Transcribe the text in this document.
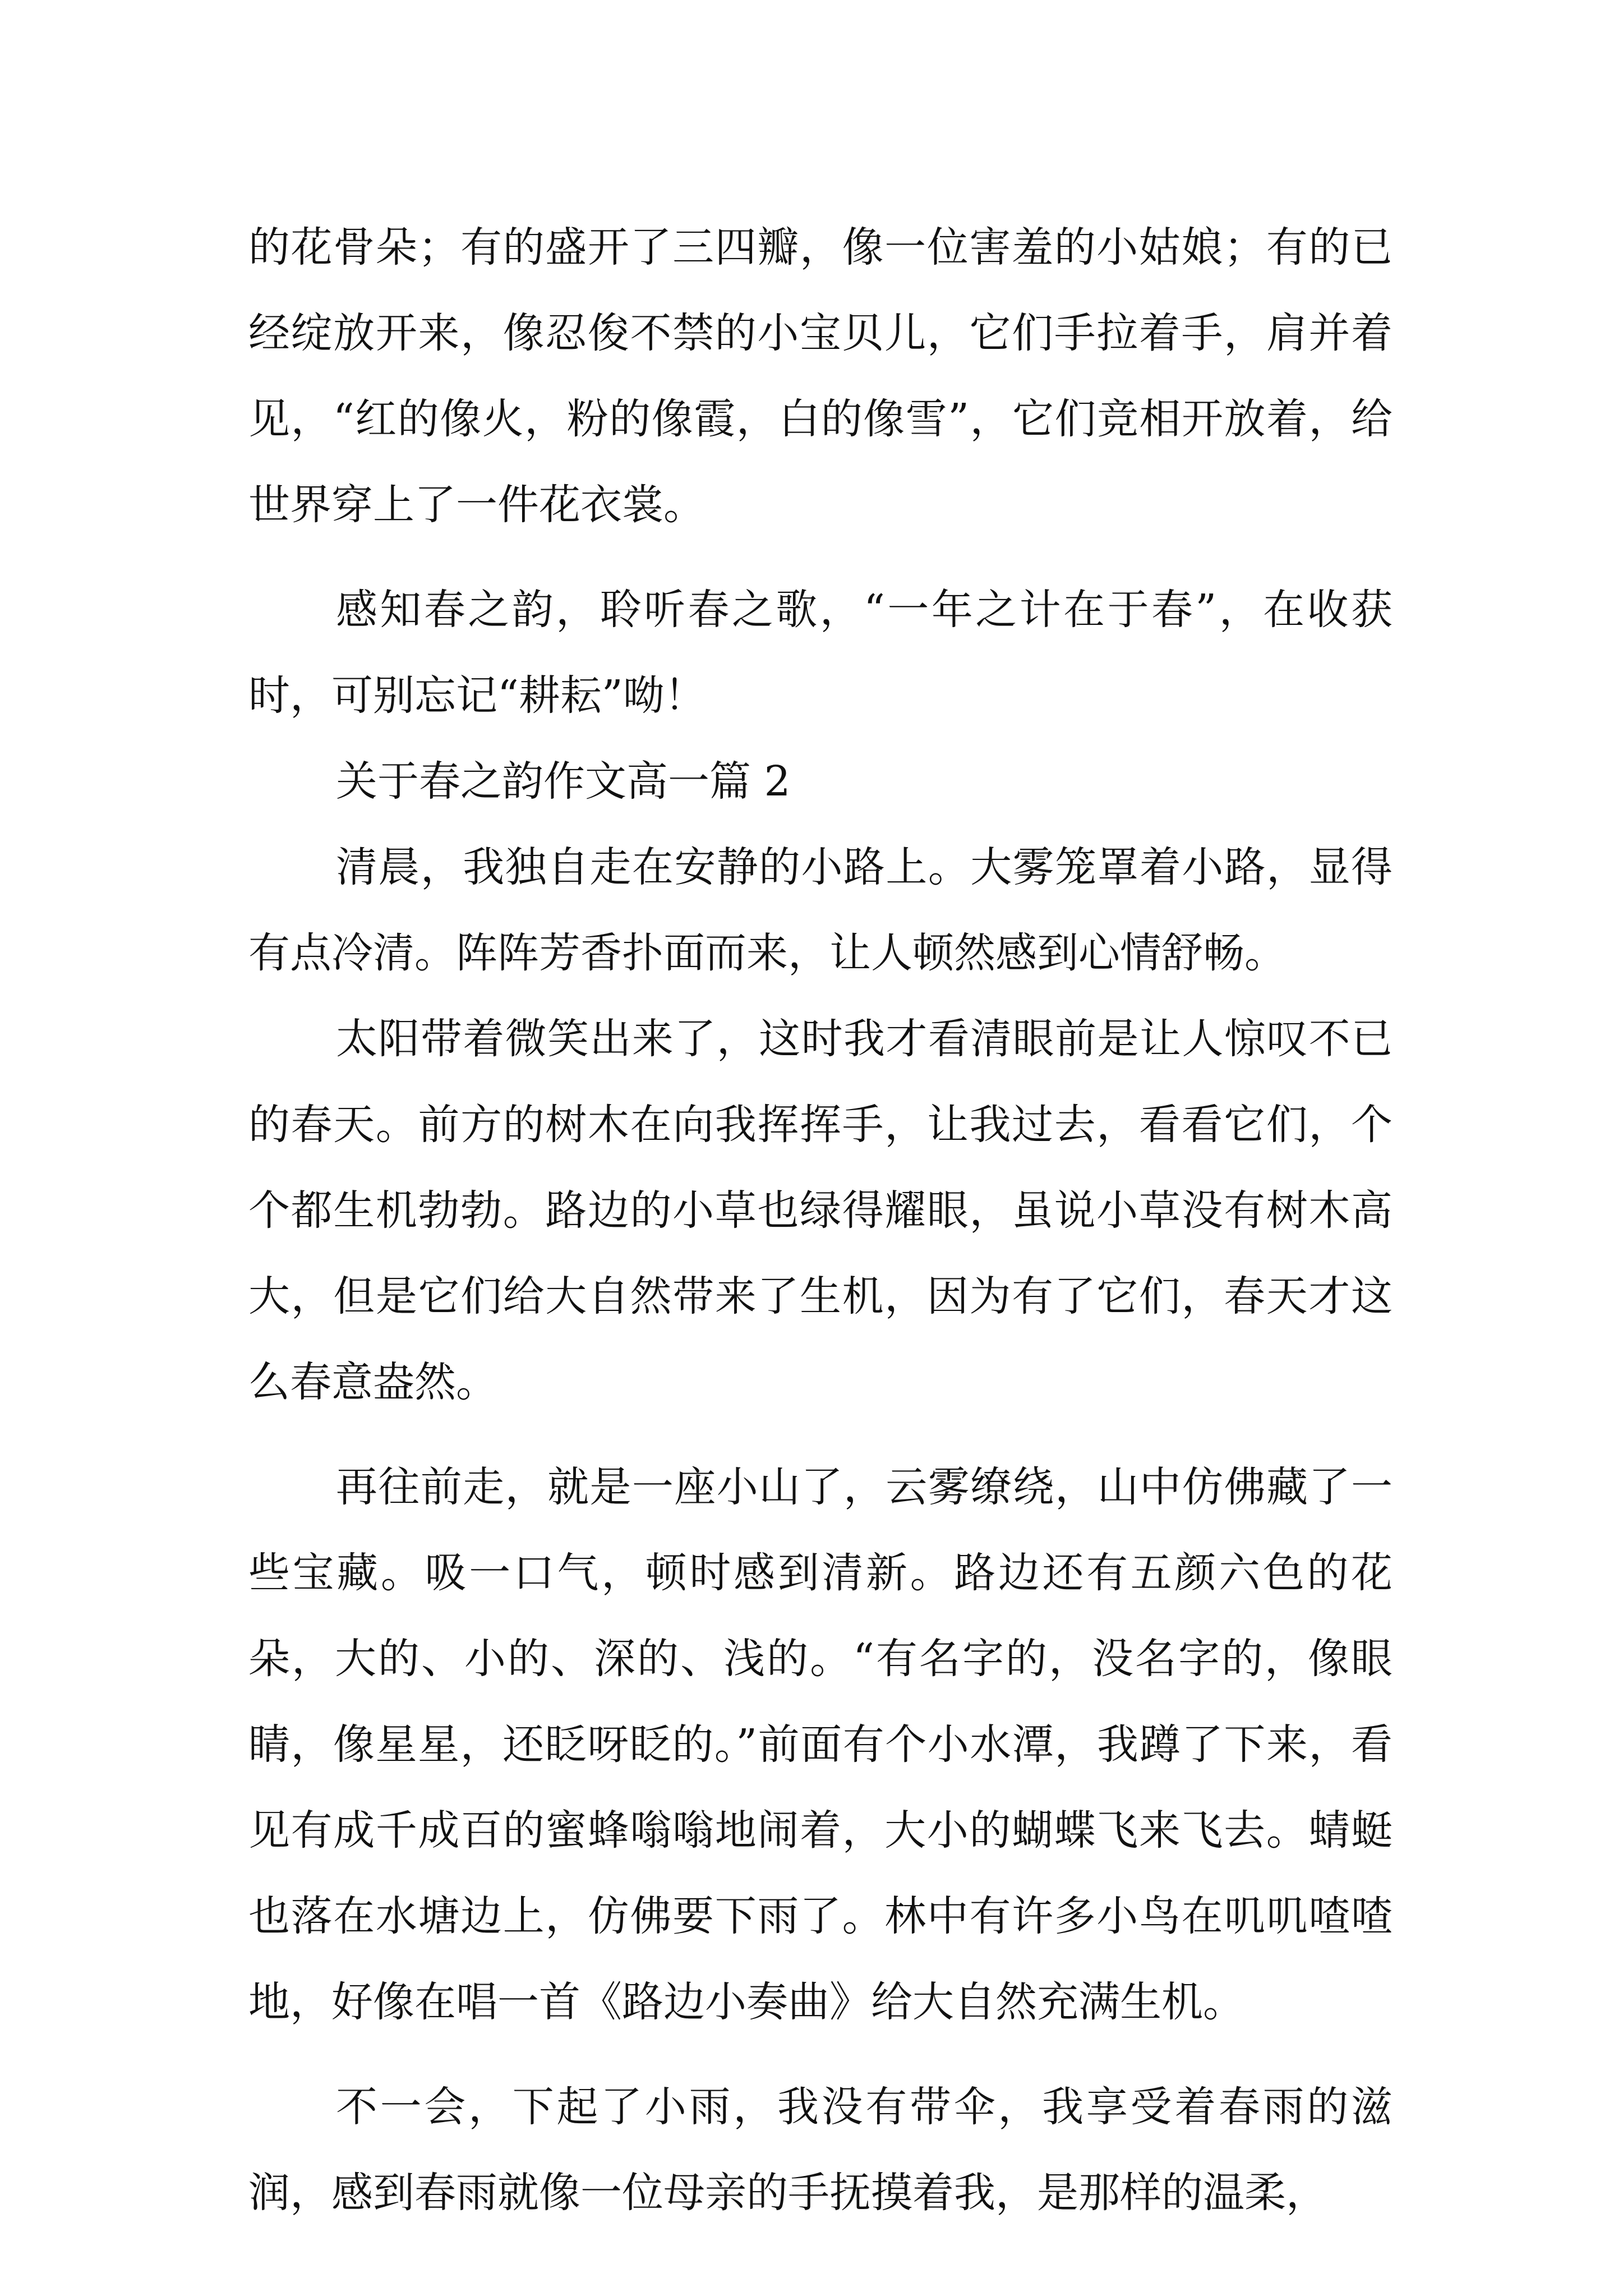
的花骨朵；有的盛开了三四瓣，像一位害羞的小姑娘；有的已经绽放开来，像忍俊不禁的小宝贝儿，它们手拉着手，肩并着见，“红的像火，粉的像霞，白的像雪”，它们竞相开放着，给世界穿上了一件花衣裳。

感知春之韵，聆听春之歌，“一年之计在于春”，在收获时，可别忘记“耕耘”呦！

关于春之韵作文高一篇 2

清晨，我独自走在安静的小路上。大雾笼罩着小路，显得有点冷清。阵阵芳香扑面而来，让人顿然感到心情舒畅。

太阳带着微笑出来了，这时我才看清眼前是让人惊叹不已的春天。前方的树木在向我挥挥手，让我过去，看看它们，个个都生机勃勃。路边的小草也绿得耀眼，虽说小草没有树木高大，但是它们给大自然带来了生机，因为有了它们，春天才这么春意盎然。

再往前走，就是一座小山了，云雾缭绕，山中仿佛藏了一些宝藏。吸一口气，顿时感到清新。路边还有五颜六色的花朵，大的、小的、深的、浅的。“有名字的，没名字的，像眼睛，像星星，还眨呀眨的。”前面有个小水潭，我蹲了下来，看见有成千成百的蜜蜂嗡嗡地闹着，大小的蝴蝶飞来飞去。蜻蜓也落在水塘边上，仿佛要下雨了。林中有许多小鸟在叽叽喳喳地，好像在唱一首《路边小奏曲》给大自然充满生机。

不一会，下起了小雨，我没有带伞，我享受着春雨的滋润，感到春雨就像一位母亲的手抚摸着我，是那样的温柔，
